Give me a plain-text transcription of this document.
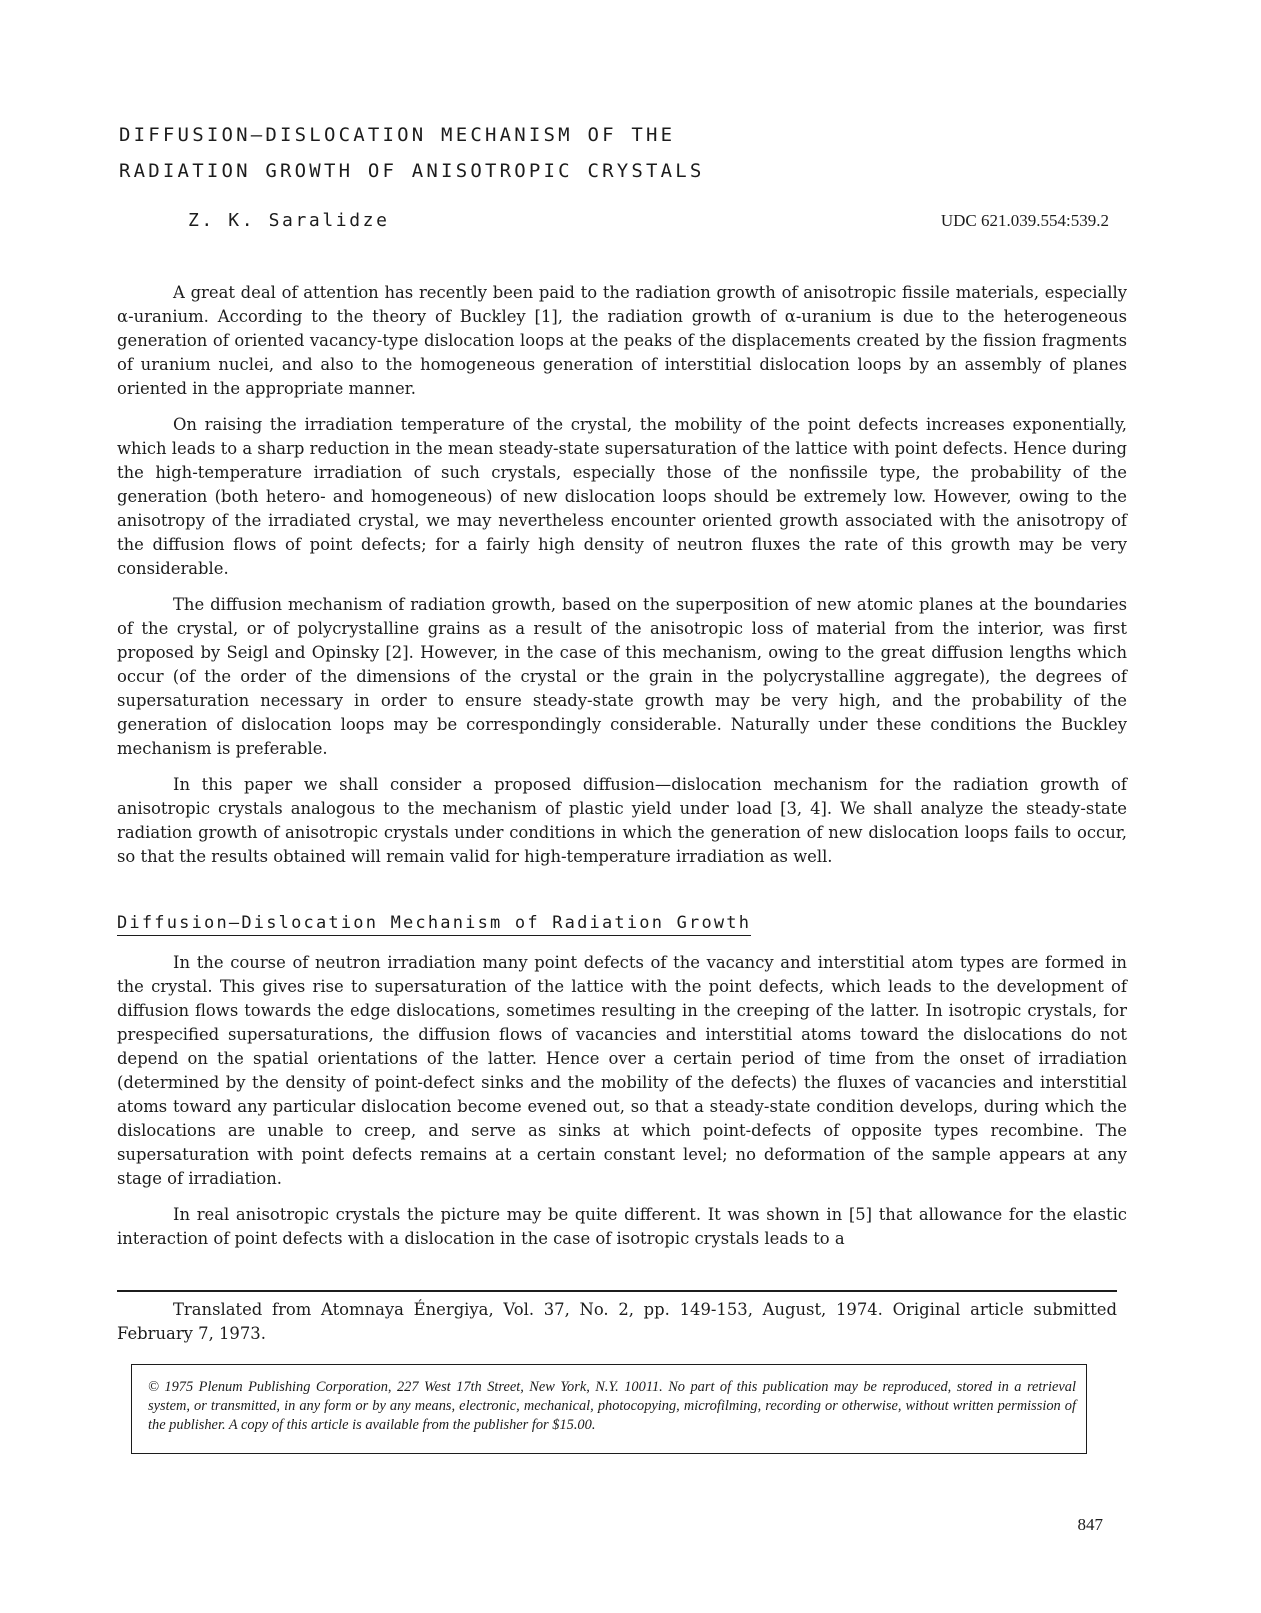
DIFFUSION—DISLOCATION MECHANISM OF THE
RADIATION GROWTH OF ANISOTROPIC CRYSTALS
Z. K. Saralidze	UDC 621.039.554:539.2

A great deal of attention has recently been paid to the radiation growth of anisotropic fissile materials, especially α-uranium. According to the theory of Buckley [1], the radiation growth of α-uranium is due to the heterogeneous generation of oriented vacancy-type dislocation loops at the peaks of the displacements created by the fission fragments of uranium nuclei, and also to the homogeneous generation of interstitial dislocation loops by an assembly of planes oriented in the appropriate manner.

On raising the irradiation temperature of the crystal, the mobility of the point defects increases exponentially, which leads to a sharp reduction in the mean steady-state supersaturation of the lattice with point defects. Hence during the high-temperature irradiation of such crystals, especially those of the nonfissile type, the probability of the generation (both hetero- and homogeneous) of new dislocation loops should be extremely low. However, owing to the anisotropy of the irradiated crystal, we may nevertheless encounter oriented growth associated with the anisotropy of the diffusion flows of point defects; for a fairly high density of neutron fluxes the rate of this growth may be very considerable.

The diffusion mechanism of radiation growth, based on the superposition of new atomic planes at the boundaries of the crystal, or of polycrystalline grains as a result of the anisotropic loss of material from the interior, was first proposed by Seigl and Opinsky [2]. However, in the case of this mechanism, owing to the great diffusion lengths which occur (of the order of the dimensions of the crystal or the grain in the polycrystalline aggregate), the degrees of supersaturation necessary in order to ensure steady-state growth may be very high, and the probability of the generation of dislocation loops may be correspondingly considerable. Naturally under these conditions the Buckley mechanism is preferable.

In this paper we shall consider a proposed diffusion—dislocation mechanism for the radiation growth of anisotropic crystals analogous to the mechanism of plastic yield under load [3, 4]. We shall analyze the steady-state radiation growth of anisotropic crystals under conditions in which the generation of new dislocation loops fails to occur, so that the results obtained will remain valid for high-temperature irradiation as well.

Diffusion—Dislocation Mechanism of Radiation Growth

In the course of neutron irradiation many point defects of the vacancy and interstitial atom types are formed in the crystal. This gives rise to supersaturation of the lattice with the point defects, which leads to the development of diffusion flows towards the edge dislocations, sometimes resulting in the creeping of the latter. In isotropic crystals, for prespecified supersaturations, the diffusion flows of vacancies and interstitial atoms toward the dislocations do not depend on the spatial orientations of the latter. Hence over a certain period of time from the onset of irradiation (determined by the density of point-defect sinks and the mobility of the defects) the fluxes of vacancies and interstitial atoms toward any particular dislocation become evened out, so that a steady-state condition develops, during which the dislocations are unable to creep, and serve as sinks at which point-defects of opposite types recombine. The supersaturation with point defects remains at a certain constant level; no deformation of the sample appears at any stage of irradiation.

In real anisotropic crystals the picture may be quite different. It was shown in [5] that allowance for the elastic interaction of point defects with a dislocation in the case of isotropic crystals leads to a

Translated from Atomnaya Énergiya, Vol. 37, No. 2, pp. 149-153, August, 1974. Original article submitted February 7, 1973.

© 1975 Plenum Publishing Corporation, 227 West 17th Street, New York, N.Y. 10011. No part of this publication may be reproduced, stored in a retrieval system, or transmitted, in any form or by any means, electronic, mechanical, photocopying, microfilming, recording or otherwise, without written permission of the publisher. A copy of this article is available from the publisher for $15.00.
847
